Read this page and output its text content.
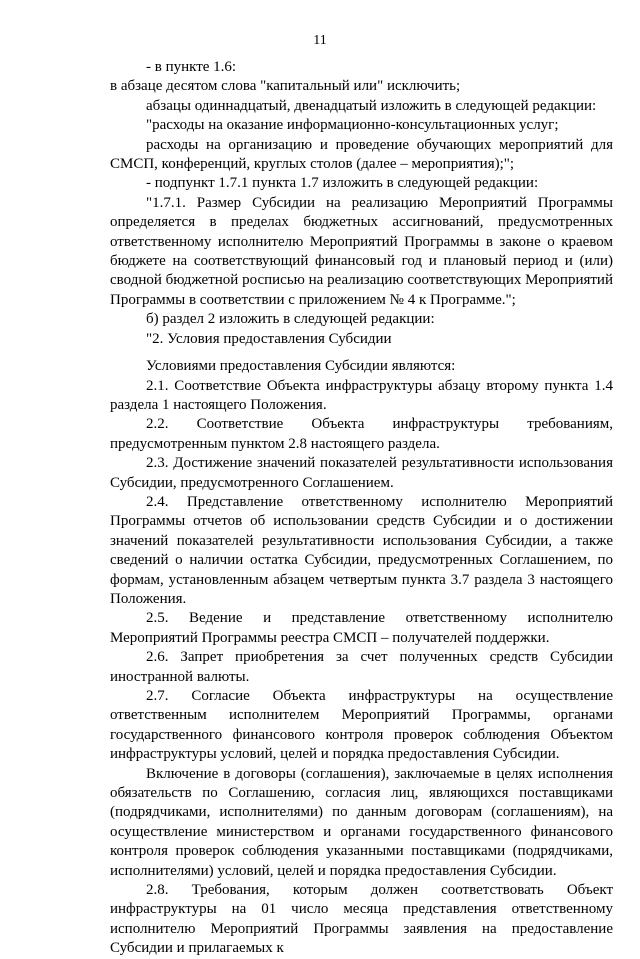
11

- в пункте 1.6:

в абзаце десятом слова "капитальный или" исключить;

абзацы одиннадцатый, двенадцатый изложить в следующей редакции:

"расходы на оказание информационно-консультационных услуг;

расходы на организацию и проведение обучающих мероприятий для СМСП, конференций, круглых столов (далее – мероприятия);";

- подпункт 1.7.1 пункта 1.7 изложить в следующей редакции:

"1.7.1. Размер Субсидии на реализацию Мероприятий Программы определяется в пределах бюджетных ассигнований, предусмотренных ответственному исполнителю Мероприятий Программы в законе о краевом бюджете на соответствующий финансовый год и плановый период и (или) сводной бюджетной росписью на реализацию соответствующих Мероприятий Программы в соответствии с приложением № 4 к Программе.";

б) раздел 2 изложить в следующей редакции:

"2. Условия предоставления Субсидии

Условиями предоставления Субсидии являются:

2.1. Соответствие Объекта инфраструктуры абзацу второму пункта 1.4 раздела 1 настоящего Положения.

2.2. Соответствие Объекта инфраструктуры требованиям, предусмотренным пунктом 2.8 настоящего раздела.

2.3. Достижение значений показателей результативности использования Субсидии, предусмотренного Соглашением.

2.4. Представление ответственному исполнителю Мероприятий Программы отчетов об использовании средств Субсидии и о достижении значений показателей результативности использования Субсидии, а также сведений о наличии остатка Субсидии, предусмотренных Соглашением, по формам, установленным абзацем четвертым пункта 3.7 раздела 3 настоящего Положения.

2.5. Ведение и представление ответственному исполнителю Мероприятий Программы реестра СМСП – получателей поддержки.

2.6. Запрет приобретения за счет полученных средств Субсидии иностранной валюты.

2.7. Согласие Объекта инфраструктуры на осуществление ответственным исполнителем Мероприятий Программы, органами государственного финансового контроля проверок соблюдения Объектом инфраструктуры условий, целей и порядка предоставления Субсидии.

Включение в договоры (соглашения), заключаемые в целях исполнения обязательств по Соглашению, согласия лиц, являющихся поставщиками (подрядчиками, исполнителями) по данным договорам (соглашениям), на осуществление министерством и органами государственного финансового контроля проверок соблюдения указанными поставщиками (подрядчиками, исполнителями) условий, целей и порядка предоставления Субсидии.

2.8. Требования, которым должен соответствовать Объект инфраструктуры на 01 число месяца представления ответственному исполнителю Мероприятий Программы заявления на предоставление Субсидии и прилагаемых к
